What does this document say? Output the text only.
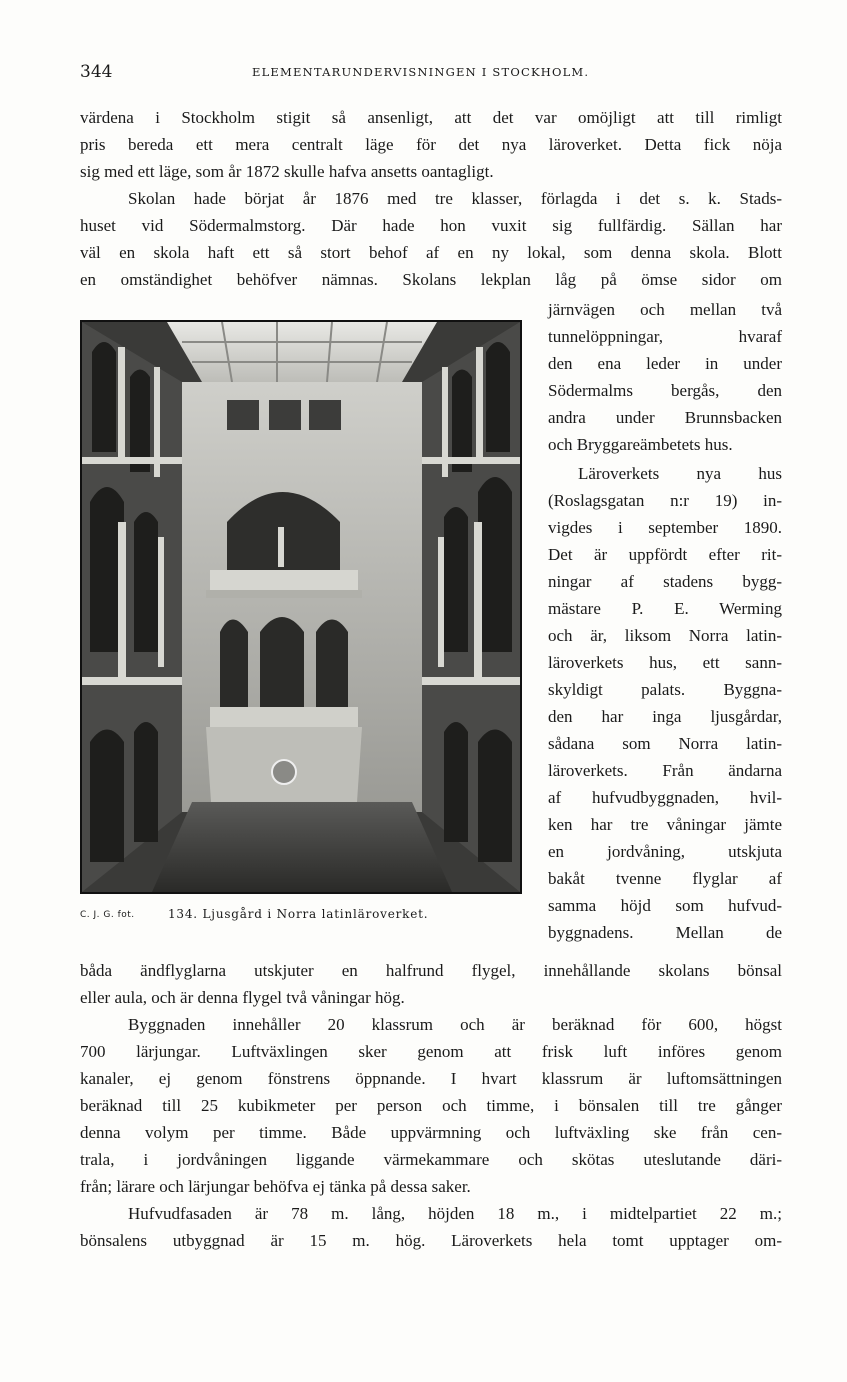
344	ELEMENTARUNDERVISNINGEN I STOCKHOLM.
värdena i Stockholm stigit så ansenligt, att det var omöjligt att till rimligt
pris bereda ett mera centralt läge för det nya läroverket. Detta fick nöja
sig med ett läge, som år 1872 skulle hafva ansetts oantagligt.
Skolan hade börjat år 1876 med tre klasser, förlagda i det s. k. Stads-
huset vid Södermalmstorg. Där hade hon vuxit sig fullfärdig. Sällan har
väl en skola haft ett så stort behof af en ny lokal, som denna skola. Blott
en omständighet behöfver nämnas. Skolans lekplan låg på ömse sidor om
järnvägen och mellan två
tunnelöppningar, hvaraf
den ena leder in under
Södermalms bergås, den
andra under Brunnsbacken
och Bryggareämbetets hus.
Läroverkets nya hus
(Roslagsgatan n:r 19) in-
vigdes i september 1890.
Det är uppfördt efter rit-
ningar af stadens bygg-
mästare P. E. Werming
och är, liksom Norra latin-
läroverkets hus, ett sann-
skyldigt palats. Byggna-
den har inga ljusgårdar,
sådana som Norra latin-
läroverkets. Från ändarna
af hufvudbyggnaden, hvil-
ken har tre våningar jämte
en jordvåning, utskjuta
bakåt tvenne flyglar af
samma höjd som hufvud-
byggnadens. Mellan de
C. J. G. fot.	134. Ljusgård i Norra latinläroverket.
båda ändflyglarna utskjuter en halfrund flygel, innehållande skolans bönsal
eller aula, och är denna flygel två våningar hög.
Byggnaden innehåller 20 klassrum och är beräknad för 600, högst
700 lärjungar. Luftväxlingen sker genom att frisk luft införes genom
kanaler, ej genom fönstrens öppnande. I hvart klassrum är luftomsättningen
beräknad till 25 kubikmeter per person och timme, i bönsalen till tre gånger
denna volym per timme. Både uppvärmning och luftväxling ske från cen-
trala, i jordvåningen liggande värmekammare och skötas uteslutande däri-
från; lärare och lärjungar behöfva ej tänka på dessa saker.
Hufvudfasaden är 78 m. lång, höjden 18 m., i midtelpartiet 22 m.;
bönsalens utbyggnad är 15 m. hög. Läroverkets hela tomt upptager om-
